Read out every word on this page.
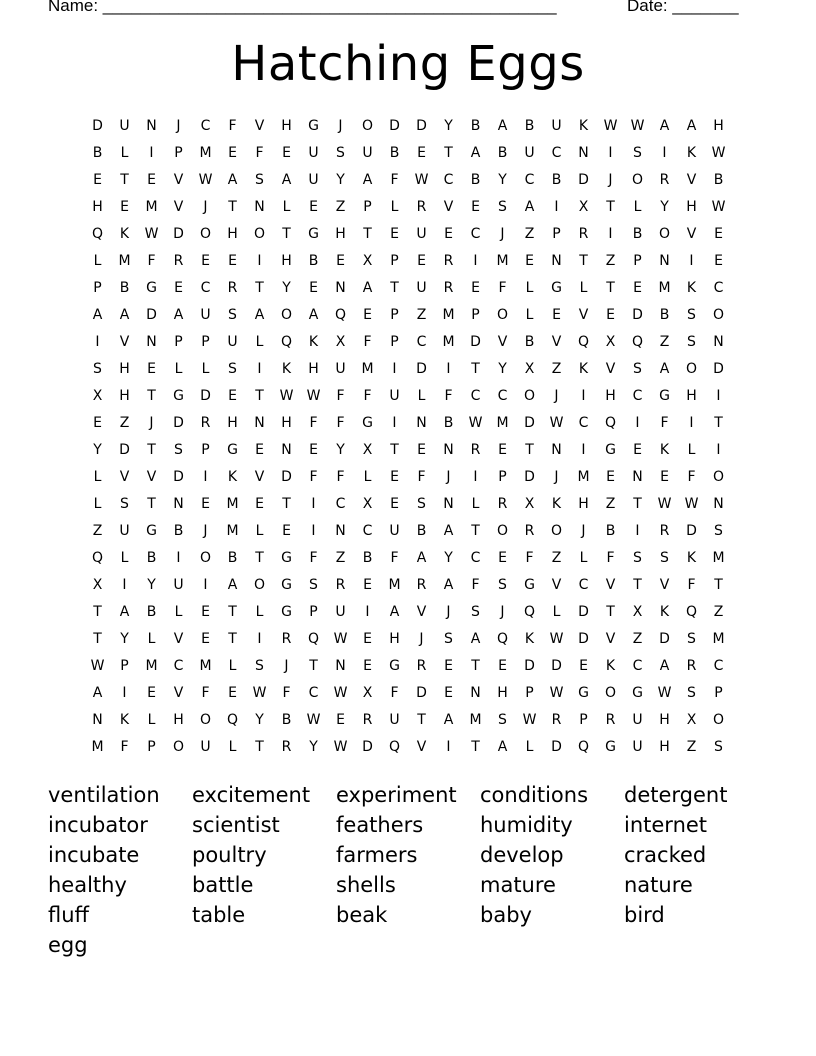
Name: ________________________________________________	Date: _______
Hatching Eggs
D	U	N	J	C	F	V	H	G	J	O	D	D	Y	B	A	B	U	K	W W	A	A	H
B	L	I	P	M	E	F	E	U	S	U	B	E	T	A	B	U	C	N	I	S	I	K	W
E	T	E	V	W	A	S	A	U	Y	A	F	W	C	B	Y	C	B	D	J	O	R	V	B
H	E	M	V	J	T	N	L	E	Z	P	L	R	V	E	S	A	I	X	T	L	Y	H	W
Q	K	W	D	O	H	O	T	G	H	T	E	U	E	C	J	Z	P	R	I	B	O	V	E
L	M	F	R	E	E	I	H	B	E	X	P	E	R	I	M	E	N	T	Z	P	N	I	E
P	B	G	E	C	R	T	Y	E	N	A	T	U	R	E	F	L	G	L	T	E	M	K	C
A	A	D	A	U	S	A	O	A	Q	E	P	Z	M	P	O	L	E	V	E	D	B	S	O
I	V	N	P	P	U	L	Q	K	X	F	P	C	M	D	V	B	V	Q	X	Q	Z	S	N
S	H	E	L	L	S	I	K	H	U	M	I	D	I	T	Y	X	Z	K	V	S	A	O	D
X	H	T	G	D	E	T	W W	F	F	U	L	F	C	C	O	J	I	H	C	G	H	I
E	Z	J	D	R	H	N	H	F	F	G	I	N	B	W	M	D	W	C	Q	I	F	I	T
Y	D	T	S	P	G	E	N	E	Y	X	T	E	N	R	E	T	N	I	G	E	K	L	I
L	V	V	D	I	K	V	D	F	F	L	E	F	J	I	P	D	J	M	E	N	E	F	O
L	S	T	N	E	M	E	T	I	C	X	E	S	N	L	R	X	K	H	Z	T	W W	N
Z	U	G	B	J	M	L	E	I	N	C	U	B	A	T	O	R	O	J	B	I	R	D	S
Q	L	B	I	O	B	T	G	F	Z	B	F	A	Y	C	E	F	Z	L	F	S	S	K	M
X	I	Y	U	I	A	O	G	S	R	E	M	R	A	F	S	G	V	C	V	T	V	F	T
T	A	B	L	E	T	L	G	P	U	I	A	V	J	S	J	Q	L	D	T	X	K	Q	Z
T	Y	L	V	E	T	I	R	Q	W	E	H	J	S	A	Q	K	W	D	V	Z	D	S	M
W	P	M	C	M	L	S	J	T	N	E	G	R	E	T	E	D	D	E	K	C	A	R	C
A	I	E	V	F	E	W	F	C	W	X	F	D	E	N	H	P	W	G	O	G	W	S	P
N	K	L	H	O	Q	Y	B	W	E	R	U	T	A	M	S	W	R	P	R	U	H	X	O
M	F	P	O	U	L	T	R	Y	W	D	Q	V	I	T	A	L	D	Q	G	U	H	Z	S
ventilation excitement experiment conditions detergent
incubator scientist	feathers	humidity internet
incubate	poultry	farmers	develop	cracked
healthy	battle	shells	mature	nature
fluff	table	beak	baby	bird
egg
